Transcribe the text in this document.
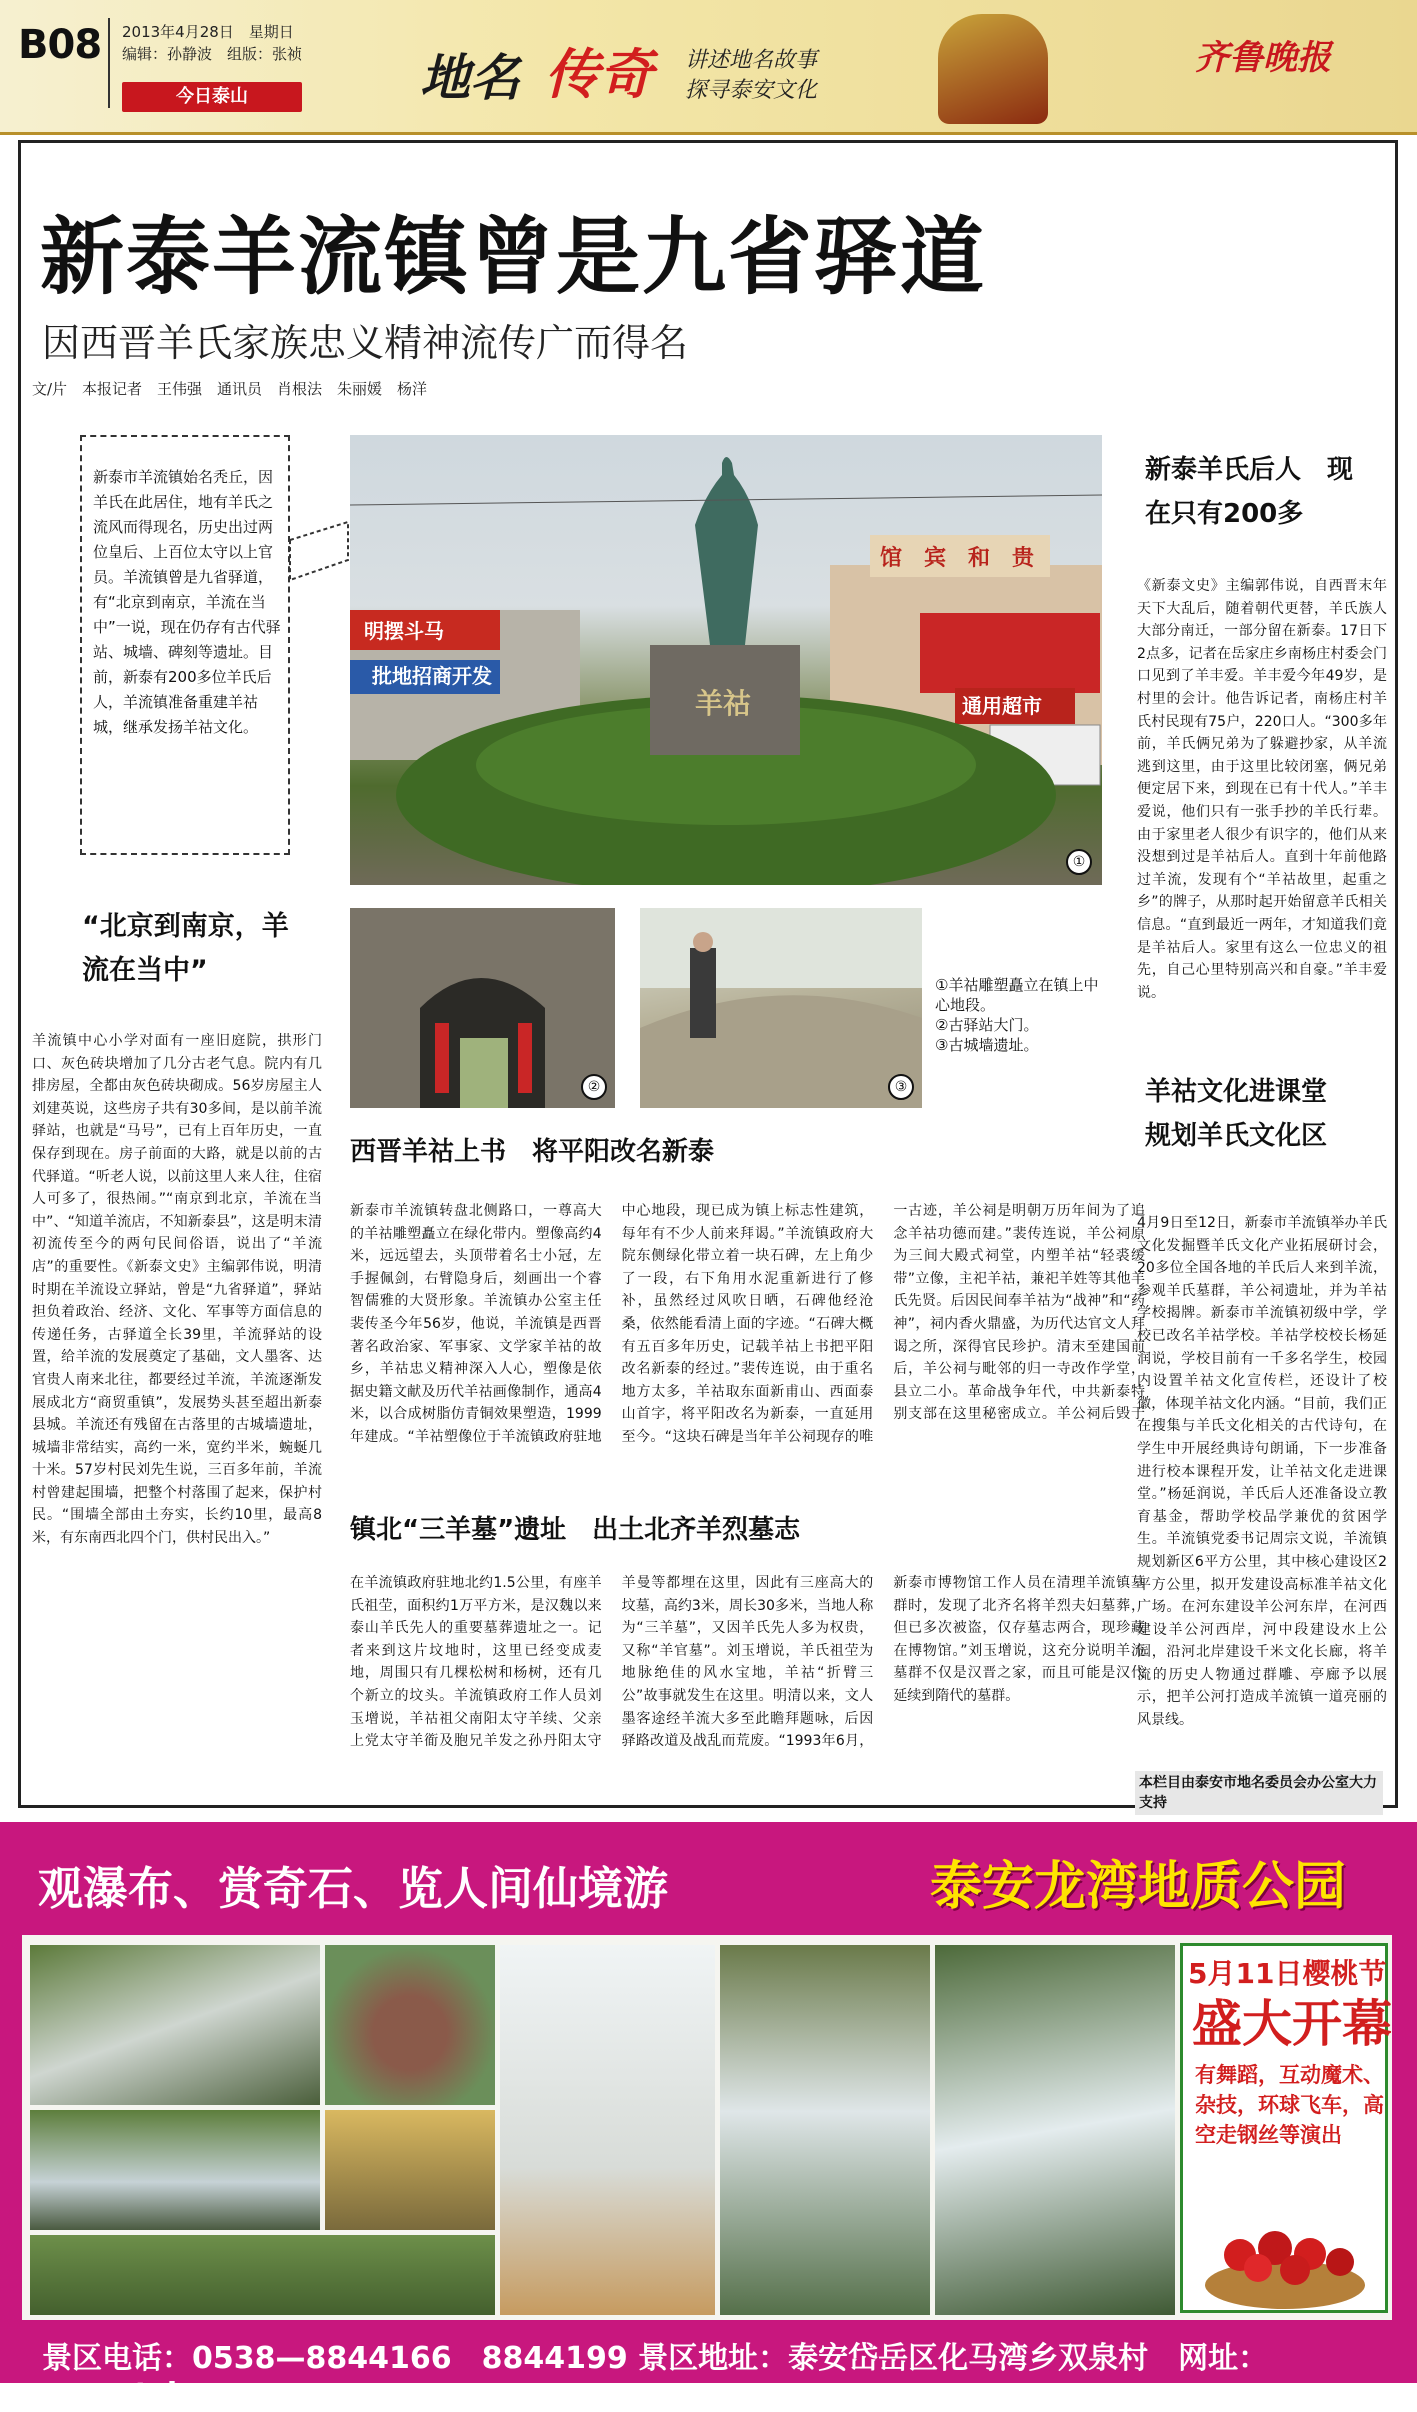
B08 2013年4月28日　星期日
编辑：孙静波　组版：张祯
今日泰山	地名 传奇 讲述地名故事
探寻泰安文化
齐鲁晚报
新泰羊流镇曾是九省驿道
因西晋羊氏家族忠义精神流传广而得名
文/片　本报记者　王伟强　通讯员　肖根法　朱丽媛　杨洋
新泰市羊流镇始名秃丘，因羊氏在此居住，地有羊氏之流风而得现名，历史出过两位皇后、上百位太守以上官员。羊流镇曾是九省驿道，有“北京到南京，羊流在当中”一说，现在仍存有古代驿站、城墙、碑刻等遗址。目前，新泰有200多位羊氏后人，羊流镇准备重建羊祜城，继承发扬羊祜文化。
批地招商开发
明摆斗马
馆　宾　和　贵
通用超市
羊祜
①
②	③
①羊祜雕塑矗立在镇上中心地段。
②古驿站大门。
③古城墙遗址。
“北京到南京，羊流在当中”
羊流镇中心小学对面有一座旧庭院，拱形门口、灰色砖块增加了几分古老气息。院内有几排房屋，全都由灰色砖块砌成。56岁房屋主人刘建英说，这些房子共有30多间，是以前羊流驿站，也就是“马号”，已有上百年历史，一直保存到现在。房子前面的大路，就是以前的古代驿道。“听老人说，以前这里人来人往，住宿人可多了，很热闹。”“南京到北京，羊流在当中”、“知道羊流店，不知新泰县”，这是明末清初流传至今的两句民间俗语，说出了“羊流店”的重要性。《新泰文史》主编郭伟说，明清时期在羊流设立驿站，曾是“九省驿道”，驿站担负着政治、经济、文化、军事等方面信息的传递任务，古驿道全长39里，羊流驿站的设置，给羊流的发展奠定了基础，文人墨客、达官贵人南来北往，都要经过羊流，羊流逐渐发展成北方“商贸重镇”，发展势头甚至超出新泰县城。羊流还有残留在古落里的古城墙遗址，城墙非常结实，高约一米，宽约半米，蜿蜒几十米。57岁村民刘先生说，三百多年前，羊流村曾建起围墙，把整个村落围了起来，保护村民。“围墙全部由土夯实，长约10里，最高8米，有东南西北四个门，供村民出入。”
西晋羊祜上书　将平阳改名新泰
新泰市羊流镇转盘北侧路口，一尊高大的羊祜雕塑矗立在绿化带内。塑像高约4米，远远望去，头顶带着名士小冠，左手握佩剑，右臂隐身后，刻画出一个睿智儒雅的大贤形象。羊流镇办公室主任裴传圣今年56岁，他说，羊流镇是西晋著名政治家、军事家、文学家羊祜的故乡，羊祜忠义精神深入人心，塑像是依据史籍文献及历代羊祜画像制作，通高4米，以合成树脂仿青铜效果塑造，1999年建成。“羊祜塑像位于羊流镇政府驻地中心地段，现已成为镇上标志性建筑，每年有不少人前来拜谒。”羊流镇政府大院东侧绿化带立着一块石碑，左上角少了一段，右下角用水泥重新进行了修补，虽然经过风吹日晒，石碑他经沧桑，依然能看清上面的字迹。“石碑大概有五百多年历史，记载羊祜上书把平阳改名新泰的经过。”裴传连说，由于重名地方太多，羊祜取东面新甫山、西面泰山首字，将平阳改名为新泰，一直延用至今。“这块石碑是当年羊公祠现存的唯一古迹，羊公祠是明朝万历年间为了追念羊祜功德而建。”裴传连说，羊公祠原为三间大殿式祠堂，内塑羊祜“轻裘缓带”立像，主祀羊祜，兼祀羊姓等其他羊氏先贤。后因民间奉羊祜为“战神”和“药神”，祠内香火鼎盛，为历代达官文人拜谒之所，深得官民珍护。清末至建国前后，羊公祠与毗邻的归一寺改作学堂，县立二小。革命战争年代，中共新泰特别支部在这里秘密成立。羊公祠后毁于
镇北“三羊墓”遗址　出土北齐羊烈墓志
在羊流镇政府驻地北约1.5公里，有座羊氏祖茔，面积约1万平方米，是汉魏以来泰山羊氏先人的重要墓葬遗址之一。记者来到这片坟地时，这里已经变成麦地，周围只有几棵松树和杨树，还有几个新立的坟头。羊流镇政府工作人员刘玉增说，羊祜祖父南阳太守羊续、父亲上党太守羊衜及胞兄羊发之孙丹阳太守羊曼等都埋在这里，因此有三座高大的坟墓，高约3米，周长30多米，当地人称为“三羊墓”，又因羊氏先人多为权贵，又称“羊官墓”。刘玉增说，羊氏祖茔为地脉绝佳的风水宝地，羊祜“折臂三公”故事就发生在这里。明清以来，文人墨客途经羊流大多至此瞻拜题咏，后因驿路改道及战乱而荒废。“1993年6月，新泰市博物馆工作人员在清理羊流镇墓群时，发现了北齐名将羊烈夫妇墓葬，但已多次被盗，仅存墓志两合，现珍藏在博物馆。”刘玉增说，这充分说明羊流墓群不仅是汉晋之家，而且可能是汉代延续到隋代的墓群。
新泰羊氏后人　现在只有200多
《新泰文史》主编郭伟说，自西晋末年天下大乱后，随着朝代更替，羊氏族人大部分南迁，一部分留在新泰。17日下2点多，记者在岳家庄乡南杨庄村委会门口见到了羊丰爱。羊丰爱今年49岁，是村里的会计。他告诉记者，南杨庄村羊氏村民现有75户，220口人。“300多年前，羊氏俩兄弟为了躲避抄家，从羊流逃到这里，由于这里比较闭塞，俩兄弟便定居下来，到现在已有十代人。”羊丰爱说，他们只有一张手抄的羊氏行辈。由于家里老人很少有识字的，他们从来没想到过是羊祜后人。直到十年前他路过羊流，发现有个“羊祜故里，起重之乡”的牌子，从那时起开始留意羊氏相关信息。“直到最近一两年，才知道我们竟是羊祜后人。家里有这么一位忠义的祖先，自己心里特别高兴和自豪。”羊丰爱说。
羊祜文化进课堂　规划羊氏文化区
4月9日至12日，新泰市羊流镇举办羊氏文化发掘暨羊氏文化产业拓展研讨会，20多位全国各地的羊氏后人来到羊流，参观羊氏墓群，羊公祠遗址，并为羊祜学校揭牌。新泰市羊流镇初级中学，学校已改名羊祜学校。羊祜学校校长杨延润说，学校目前有一千多名学生，校园内设置羊祜文化宣传栏，还设计了校徽，体现羊祜文化内涵。“目前，我们正在搜集与羊氏文化相关的古代诗句，在学生中开展经典诗句朗诵，下一步准备进行校本课程开发，让羊祜文化走进课堂。”杨延润说，羊氏后人还准备设立教育基金，帮助学校品学兼优的贫困学生。羊流镇党委书记周宗文说，羊流镇规划新区6平方公里，其中核心建设区2平方公里，拟开发建设高标准羊祜文化广场。在河东建设羊公河东岸，在河西建设羊公河西岸，河中段建设水上公园，沿河北岸建设千米文化长廊，将羊流的历史人物通过群雕、亭廊予以展示，把羊公河打造成羊流镇一道亮丽的风景线。
本栏目由泰安市地名委员会办公室大力支持
观瀑布、赏奇石、览人间仙境游	泰安龙湾地质公园
5月11日樱桃节
盛大开幕
有舞蹈，互动魔术、杂技，环球飞车，高空走钢丝等演出
景区电话：0538—8844166　8844199 景区地址：泰安岱岳区化马湾乡双泉村　网址：www.tslongwan.com
